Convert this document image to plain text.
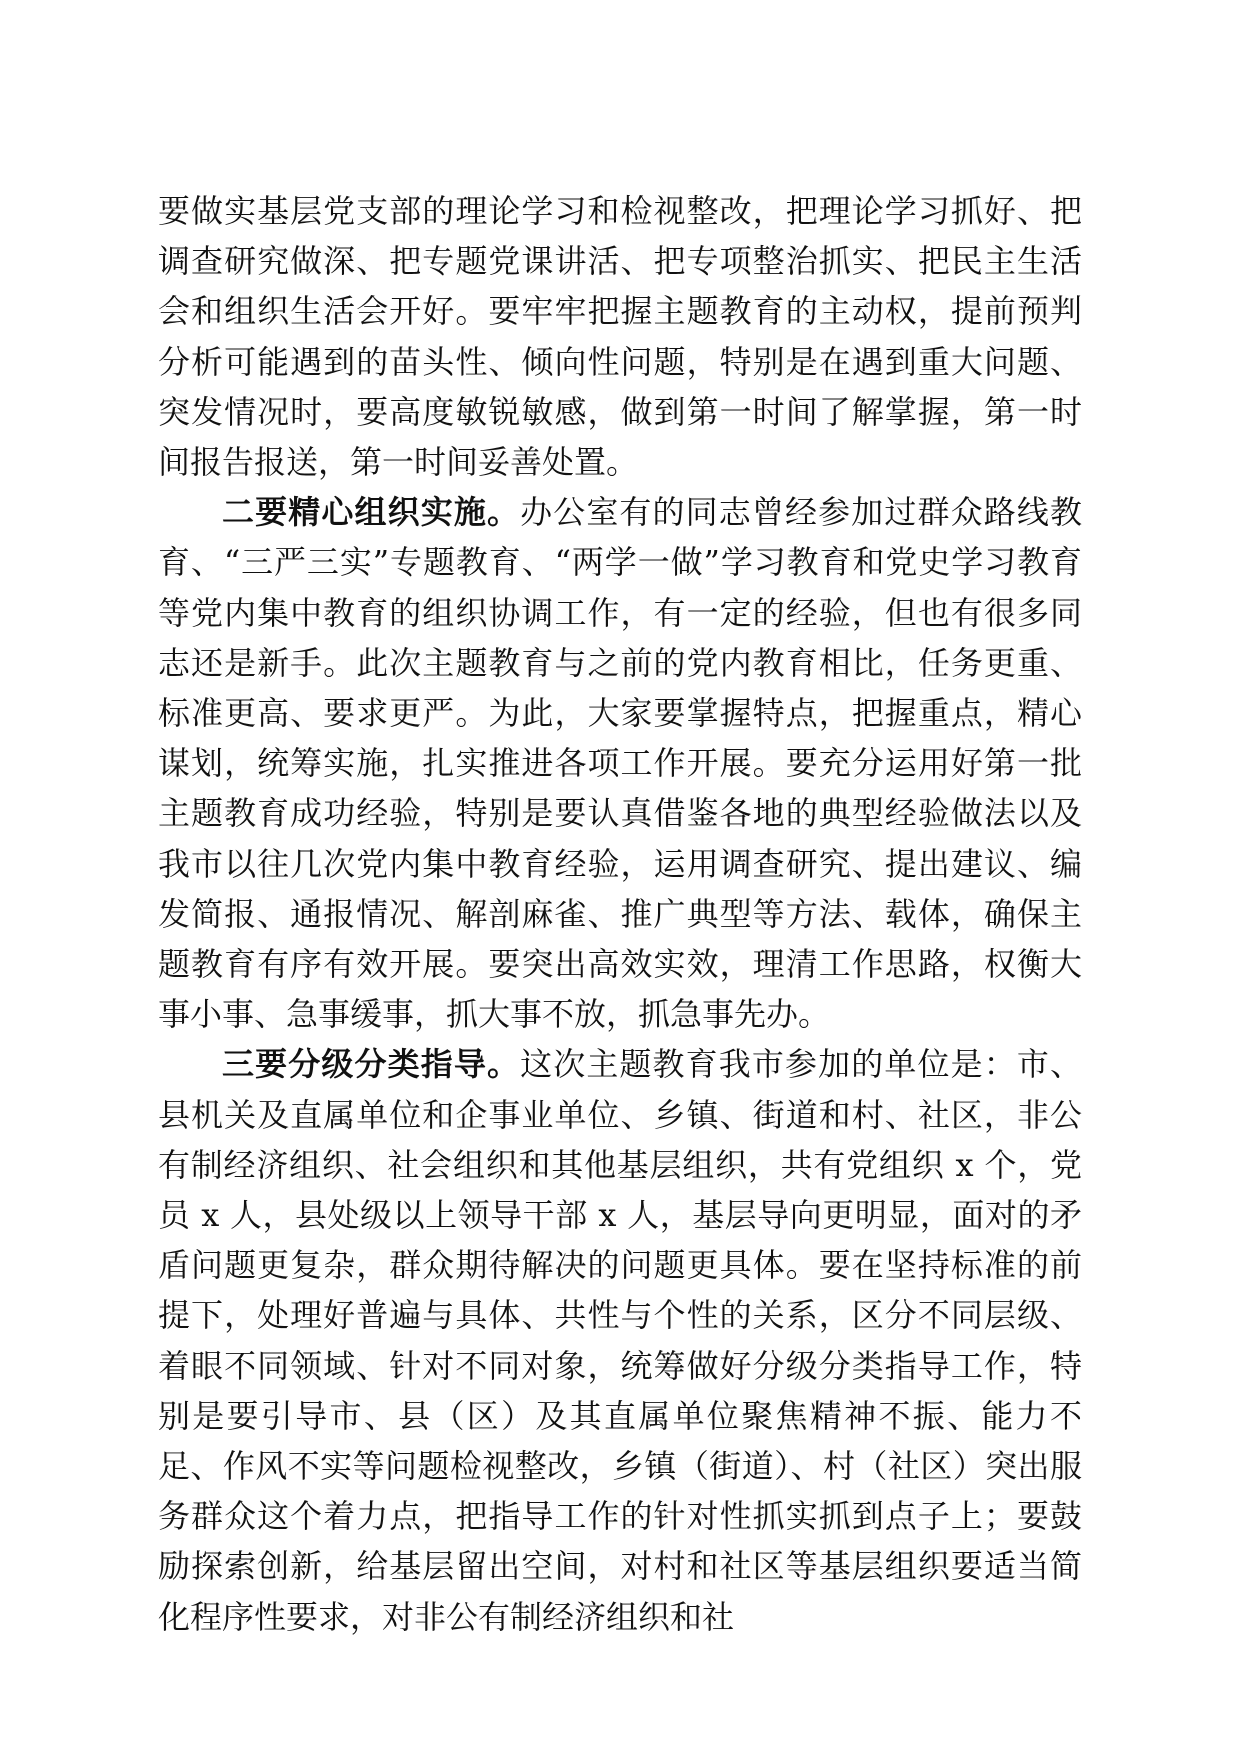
要做实基层党支部的理论学习和检视整改，把理论学习抓好、把调查研究做深、把专题党课讲活、把专项整治抓实、把民主生活会和组织生活会开好。要牢牢把握主题教育的主动权，提前预判分析可能遇到的苗头性、倾向性问题，特别是在遇到重大问题、突发情况时，要高度敏锐敏感，做到第一时间了解掌握，第一时间报告报送，第一时间妥善处置。

二要精心组织实施。办公室有的同志曾经参加过群众路线教育、“三严三实”专题教育、“两学一做”学习教育和党史学习教育等党内集中教育的组织协调工作，有一定的经验，但也有很多同志还是新手。此次主题教育与之前的党内教育相比，任务更重、标准更高、要求更严。为此，大家要掌握特点，把握重点，精心谋划，统筹实施，扎实推进各项工作开展。要充分运用好第一批主题教育成功经验，特别是要认真借鉴各地的典型经验做法以及我市以往几次党内集中教育经验，运用调查研究、提出建议、编发简报、通报情况、解剖麻雀、推广典型等方法、载体，确保主题教育有序有效开展。要突出高效实效，理清工作思路，权衡大事小事、急事缓事，抓大事不放，抓急事先办。

三要分级分类指导。这次主题教育我市参加的单位是：市、县机关及直属单位和企事业单位、乡镇、街道和村、社区，非公有制经济组织、社会组织和其他基层组织，共有党组织 x 个，党员 x 人，县处级以上领导干部 x 人，基层导向更明显，面对的矛盾问题更复杂，群众期待解决的问题更具体。要在坚持标准的前提下，处理好普遍与具体、共性与个性的关系，区分不同层级、着眼不同领域、针对不同对象，统筹做好分级分类指导工作，特别是要引导市、县（区）及其直属单位聚焦精神不振、能力不足、作风不实等问题检视整改，乡镇（街道）、村（社区）突出服务群众这个着力点，把指导工作的针对性抓实抓到点子上；要鼓励探索创新，给基层留出空间，对村和社区等基层组织要适当简化程序性要求，对非公有制经济组织和社
